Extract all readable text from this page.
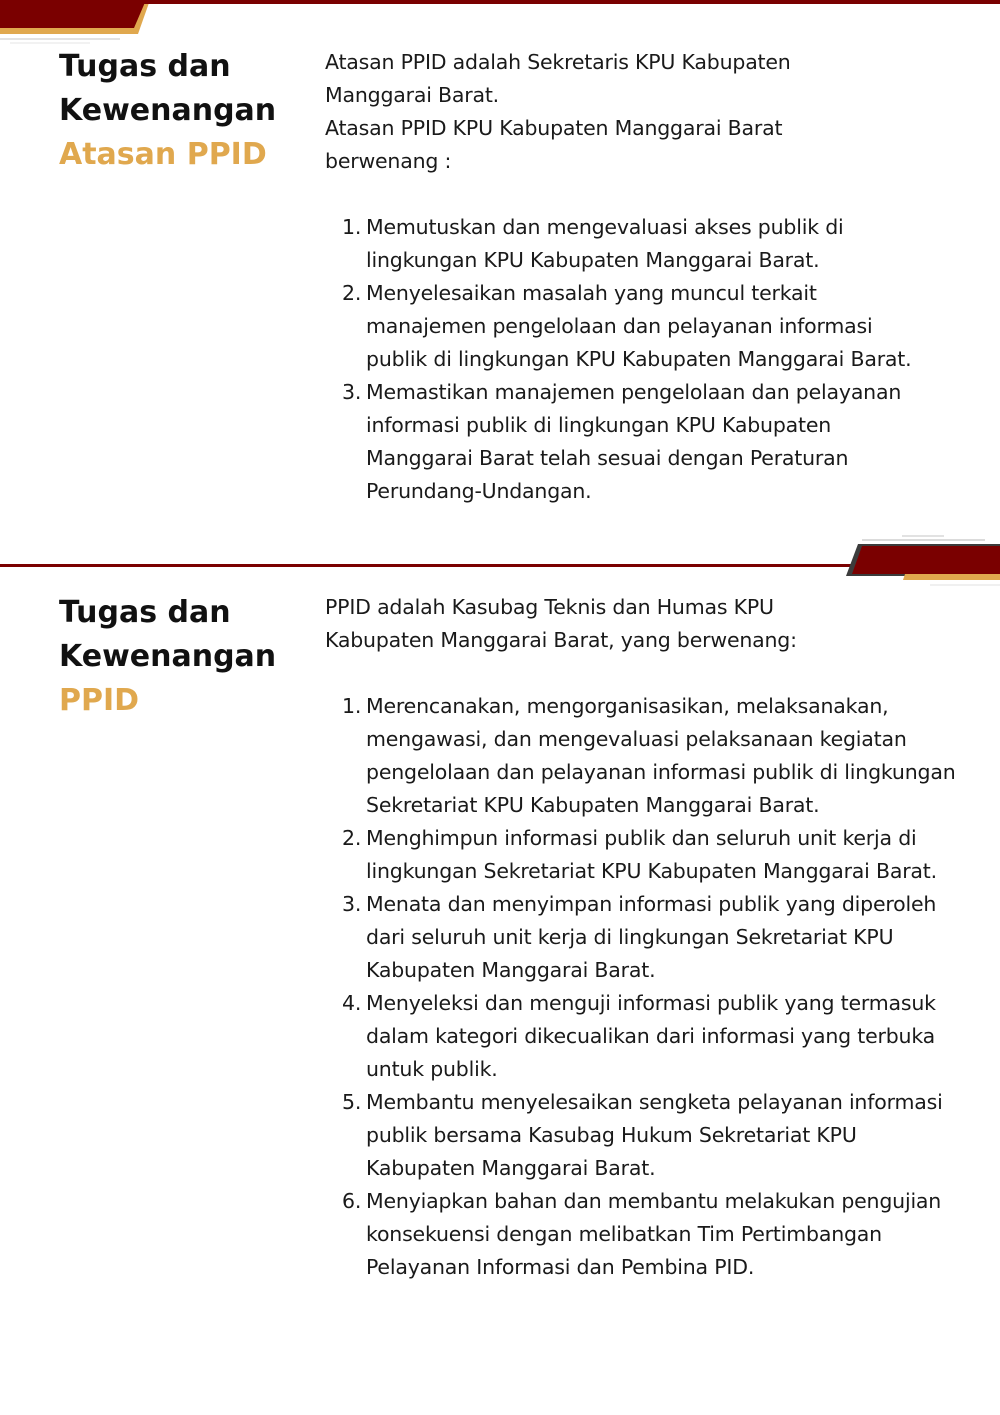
Tugas dan
Kewenangan
Atasan PPID

Atasan PPID adalah Sekretaris KPU Kabupaten Manggarai Barat.

Atasan PPID KPU Kabupaten Manggarai Barat berwenang :

1. Memutuskan dan mengevaluasi akses publik di lingkungan KPU Kabupaten Manggarai Barat.
2. Menyelesaikan masalah yang muncul terkait manajemen pengelolaan dan pelayanan informasi publik di lingkungan KPU Kabupaten Manggarai Barat.
3. Memastikan manajemen pengelolaan dan pelayanan informasi publik di lingkungan KPU Kabupaten Manggarai Barat telah sesuai dengan Peraturan Perundang-Undangan.
Tugas dan
Kewenangan
PPID

PPID adalah Kasubag Teknis dan Humas KPU Kabupaten Manggarai Barat, yang berwenang:

1. Merencanakan, mengorganisasikan, melaksanakan, mengawasi, dan mengevaluasi pelaksanaan kegiatan pengelolaan dan pelayanan informasi publik di lingkungan Sekretariat KPU Kabupaten Manggarai Barat.
2. Menghimpun informasi publik dan seluruh unit kerja di lingkungan Sekretariat KPU Kabupaten Manggarai Barat.
3. Menata dan menyimpan informasi publik yang diperoleh dari seluruh unit kerja di lingkungan Sekretariat KPU Kabupaten Manggarai Barat.
4. Menyeleksi dan menguji informasi publik yang termasuk dalam kategori dikecualikan dari informasi yang terbuka untuk publik.
5. Membantu menyelesaikan sengketa pelayanan informasi publik bersama Kasubag Hukum Sekretariat KPU Kabupaten Manggarai Barat.
6. Menyiapkan bahan dan membantu melakukan pengujian konsekuensi dengan melibatkan Tim Pertimbangan Pelayanan Informasi dan Pembina PID.
